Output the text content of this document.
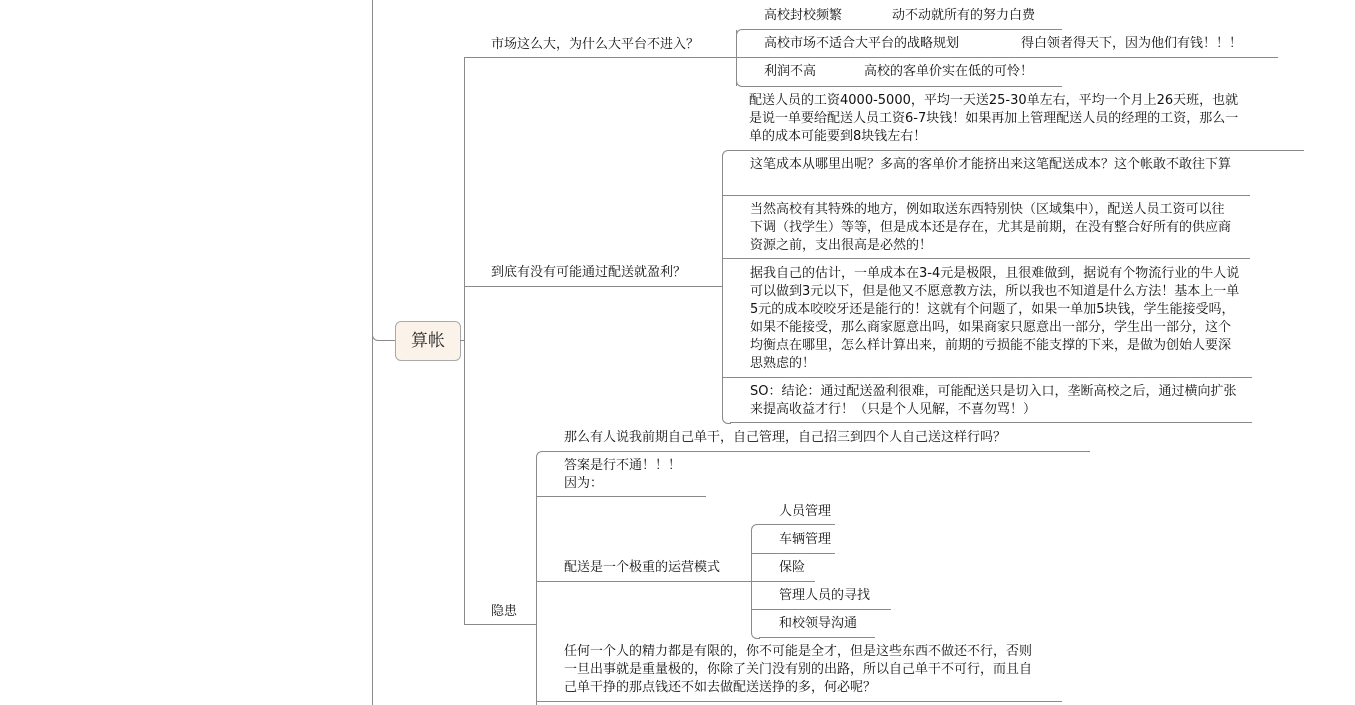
算帐
市场这么大，为什么大平台不进入？
高校封校频繁	动不动就所有的努力白费
高校市场不适合大平台的战略规划	得白领者得天下，因为他们有钱！！！
利润不高	高校的客单价实在低的可怜！
到底有没有可能通过配送就盈利？
配送人员的工资4000-5000，平均一天送25-30单左右，平均一个月上26天班，也就是说一单要给配送人员工资6-7块钱！如果再加上管理配送人员的经理的工资，那么一单的成本可能要到8块钱左右！
这笔成本从哪里出呢？多高的客单价才能挤出来这笔配送成本？这个帐敢不敢往下算
当然高校有其特殊的地方，例如取送东西特别快（区域集中），配送人员工资可以往下调（找学生）等等，但是成本还是存在，尤其是前期，在没有整合好所有的供应商资源之前，支出很高是必然的！
据我自己的估计，一单成本在3-4元是极限，且很难做到，据说有个物流行业的牛人说可以做到3元以下，但是他又不愿意教方法，所以我也不知道是什么方法！基本上一单5元的成本咬咬牙还是能行的！这就有个问题了，如果一单加5块钱，学生能接受吗，如果不能接受，那么商家愿意出吗，如果商家只愿意出一部分，学生出一部分，这个均衡点在哪里，怎么样计算出来，前期的亏损能不能支撑的下来，是做为创始人要深思熟虑的！
SO：结论：通过配送盈利很难，可能配送只是切入口，垄断高校之后，通过横向扩张来提高收益才行！（只是个人见解，不喜勿骂！）
隐患
那么有人说我前期自己单干，自己管理，自己招三到四个人自己送这样行吗？
答案是行不通！！！
因为：
配送是一个极重的运营模式
人员管理
车辆管理
保险
管理人员的寻找
和校领导沟通
任何一个人的精力都是有限的，你不可能是全才，但是这些东西不做还不行，否则一旦出事就是重量极的，你除了关门没有别的出路，所以自己单干不可行，而且自己单干挣的那点钱还不如去做配送送挣的多，何必呢？
